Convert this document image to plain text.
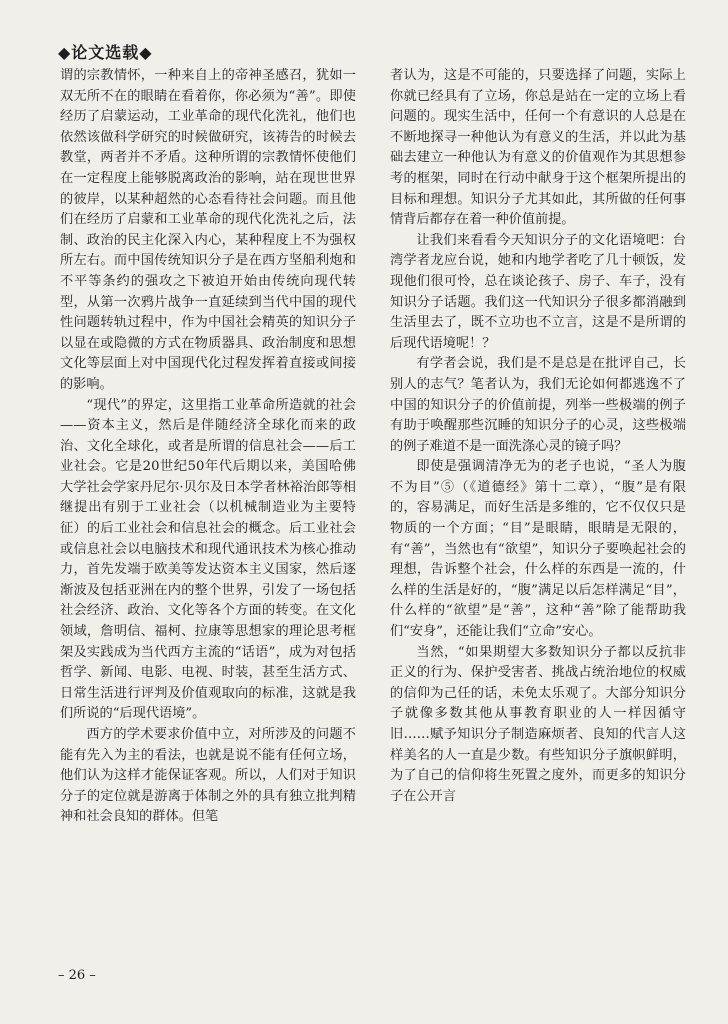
◆论文选载◆

谓的宗教情怀，一种来自上的帝神圣感召，犹如一双无所不在的眼睛在看着你，你必须为“善”。即使经历了启蒙运动，工业革命的现代化洗礼，他们也依然该做科学研究的时候做研究，该祷告的时候去教堂，两者并不矛盾。这种所谓的宗教情怀使他们在一定程度上能够脱离政治的影响，站在现世世界的彼岸，以某种超然的心态看待社会问题。而且他们在经历了启蒙和工业革命的现代化洗礼之后，法制、政治的民主化深入内心，某种程度上不为强权所左右。而中国传统知识分子是在西方坚船利炮和不平等条约的强攻之下被迫开始由传统向现代转型，从第一次鸦片战争一直延续到当代中国的现代性问题转轨过程中，作为中国社会精英的知识分子以显在或隐微的方式在物质器具、政治制度和思想文化等层面上对中国现代化过程发挥着直接或间接的影响。

“现代”的界定，这里指工业革命所造就的社会——资本主义，然后是伴随经济全球化而来的政治、文化全球化，或者是所谓的信息社会——后工业社会。它是20世纪50年代后期以来，美国哈佛大学社会学家丹尼尔·贝尔及日本学者林裕治郎等相继提出有别于工业社会（以机械制造业为主要特征）的后工业社会和信息社会的概念。后工业社会或信息社会以电脑技术和现代通讯技术为核心推动力，首先发端于欧美等发达资本主义国家，然后逐渐波及包括亚洲在内的整个世界，引发了一场包括社会经济、政治、文化等各个方面的转变。在文化领域，詹明信、福柯、拉康等思想家的理论思考框架及实践成为当代西方主流的“话语”，成为对包括哲学、新闻、电影、电视、时装，甚至生活方式、日常生活进行评判及价值观取向的标准，这就是我们所说的“后现代语境”。

西方的学术要求价值中立，对所涉及的问题不能有先入为主的看法，也就是说不能有任何立场，他们认为这样才能保证客观。所以，人们对于知识分子的定位就是游离于体制之外的具有独立批判精神和社会良知的群体。但笔

者认为，这是不可能的，只要选择了问题，实际上你就已经具有了立场，你总是站在一定的立场上看问题的。现实生活中，任何一个有意识的人总是在不断地探寻一种他认为有意义的生活，并以此为基础去建立一种他认为有意义的价值观作为其思想参考的框架，同时在行动中献身于这个框架所提出的目标和理想。知识分子尤其如此，其所做的任何事情背后都存在着一种价值前提。

让我们来看看今天知识分子的文化语境吧：台湾学者龙应台说，她和内地学者吃了几十顿饭，发现他们很可怜，总在谈论孩子、房子、车子，没有知识分子话题。我们这一代知识分子很多都消融到生活里去了，既不立功也不立言，这是不是所谓的后现代语境呢！？

有学者会说，我们是不是总是在批评自己，长别人的志气？笔者认为，我们无论如何都逃逸不了中国的知识分子的价值前提，列举一些极端的例子有助于唤醒那些沉睡的知识分子的心灵，这些极端的例子难道不是一面洗涤心灵的镜子吗？

即使是强调清净无为的老子也说，“圣人为腹不为目”⑤（《道德经》第十二章），“腹”是有限的，容易满足，而好生活是多维的，它不仅仅只是物质的一个方面；“目”是眼睛，眼睛是无限的，有“善”，当然也有“欲望”，知识分子要唤起社会的理想，告诉整个社会，什么样的东西是一流的，什么样的生活是好的，“腹”满足以后怎样满足“目”，什么样的“欲望”是“善”，这种“善”除了能帮助我们“安身”，还能让我们“立命”安心。

当然，“如果期望大多数知识分子都以反抗非正义的行为、保护受害者、挑战占统治地位的权威的信仰为己任的话，未免太乐观了。大部分知识分子就像多数其他从事教育职业的人一样因循守旧……赋予知识分子制造麻烦者、良知的代言人这样美名的人一直是少数。有些知识分子旗帜鲜明，为了自己的信仰将生死置之度外，而更多的知识分子在公开言

– 26 –
